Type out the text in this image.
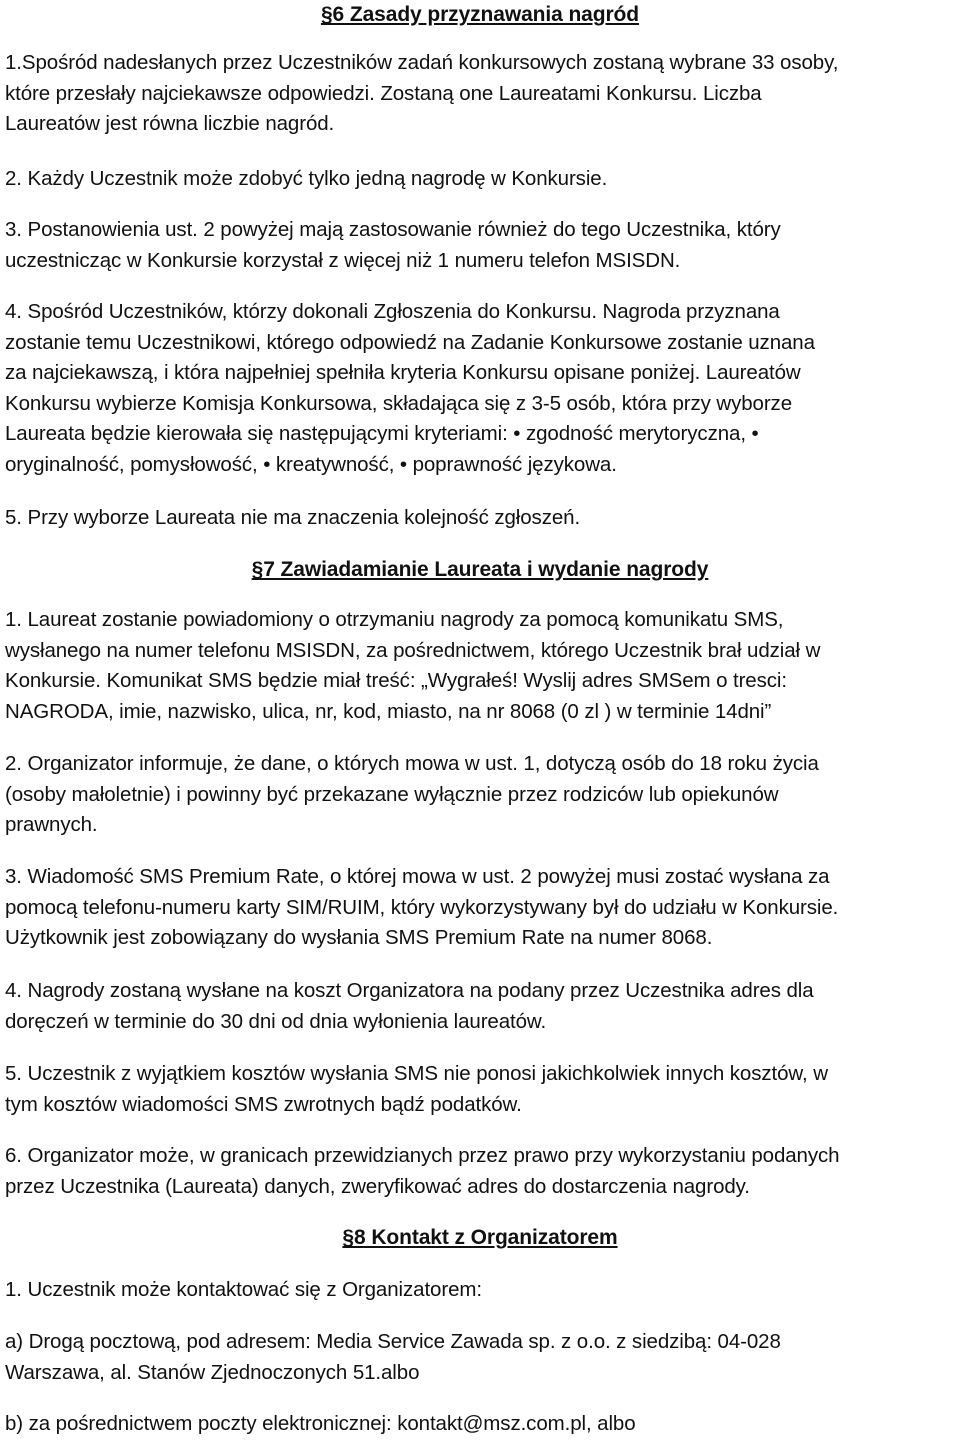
§6 Zasady przyznawania nagród

1.Spośród nadesłanych przez Uczestników zadań konkursowych zostaną wybrane 33 osoby,
które przesłały najciekawsze odpowiedzi. Zostaną one Laureatami Konkursu. Liczba
Laureatów jest równa liczbie nagród.

2. Każdy Uczestnik może zdobyć tylko jedną nagrodę w Konkursie.

3. Postanowienia ust. 2 powyżej mają zastosowanie również do tego Uczestnika, który
uczestnicząc w Konkursie korzystał z więcej niż 1 numeru telefon MSISDN.

4. Spośród Uczestników, którzy dokonali Zgłoszenia do Konkursu. Nagroda przyznana
zostanie temu Uczestnikowi, którego odpowiedź na Zadanie Konkursowe zostanie uznana
za najciekawszą, i która najpełniej spełniła kryteria Konkursu opisane poniżej. Laureatów
Konkursu wybierze Komisja Konkursowa, składająca się z 3-5 osób, która przy wyborze
Laureata będzie kierowała się następującymi kryteriami: • zgodność merytoryczna, •
oryginalność, pomysłowość, • kreatywność, • poprawność językowa.

5. Przy wyborze Laureata nie ma znaczenia kolejność zgłoszeń.

§7 Zawiadamianie Laureata i wydanie nagrody

1. Laureat zostanie powiadomiony o otrzymaniu nagrody za pomocą komunikatu SMS,
wysłanego na numer telefonu MSISDN, za pośrednictwem, którego Uczestnik brał udział w
Konkursie. Komunikat SMS będzie miał treść: „Wygrałeś! Wyslij adres SMSem o tresci:
NAGRODA, imie, nazwisko, ulica, nr, kod, miasto, na nr 8068 (0 zl ) w terminie 14dni”

2. Organizator informuje, że dane, o których mowa w ust. 1, dotyczą osób do 18 roku życia
(osoby małoletnie) i powinny być przekazane wyłącznie przez rodziców lub opiekunów
prawnych.

3. Wiadomość SMS Premium Rate, o której mowa w ust. 2 powyżej musi zostać wysłana za
pomocą telefonu-numeru karty SIM/RUIM, który wykorzystywany był do udziału w Konkursie.
Użytkownik jest zobowiązany do wysłania SMS Premium Rate na numer 8068.

4. Nagrody zostaną wysłane na koszt Organizatora na podany przez Uczestnika adres dla
doręczeń w terminie do 30 dni od dnia wyłonienia laureatów.

5. Uczestnik z wyjątkiem kosztów wysłania SMS nie ponosi jakichkolwiek innych kosztów, w
tym kosztów wiadomości SMS zwrotnych bądź podatków.

6. Organizator może, w granicach przewidzianych przez prawo przy wykorzystaniu podanych
przez Uczestnika (Laureata) danych, zweryfikować adres do dostarczenia nagrody.

§8 Kontakt z Organizatorem

1. Uczestnik może kontaktować się z Organizatorem:

a) Drogą pocztową, pod adresem: Media Service Zawada sp. z o.o. z siedzibą: 04-028
Warszawa, al. Stanów Zjednoczonych 51.albo

b) za pośrednictwem poczty elektronicznej: kontakt@msz.com.pl, albo
